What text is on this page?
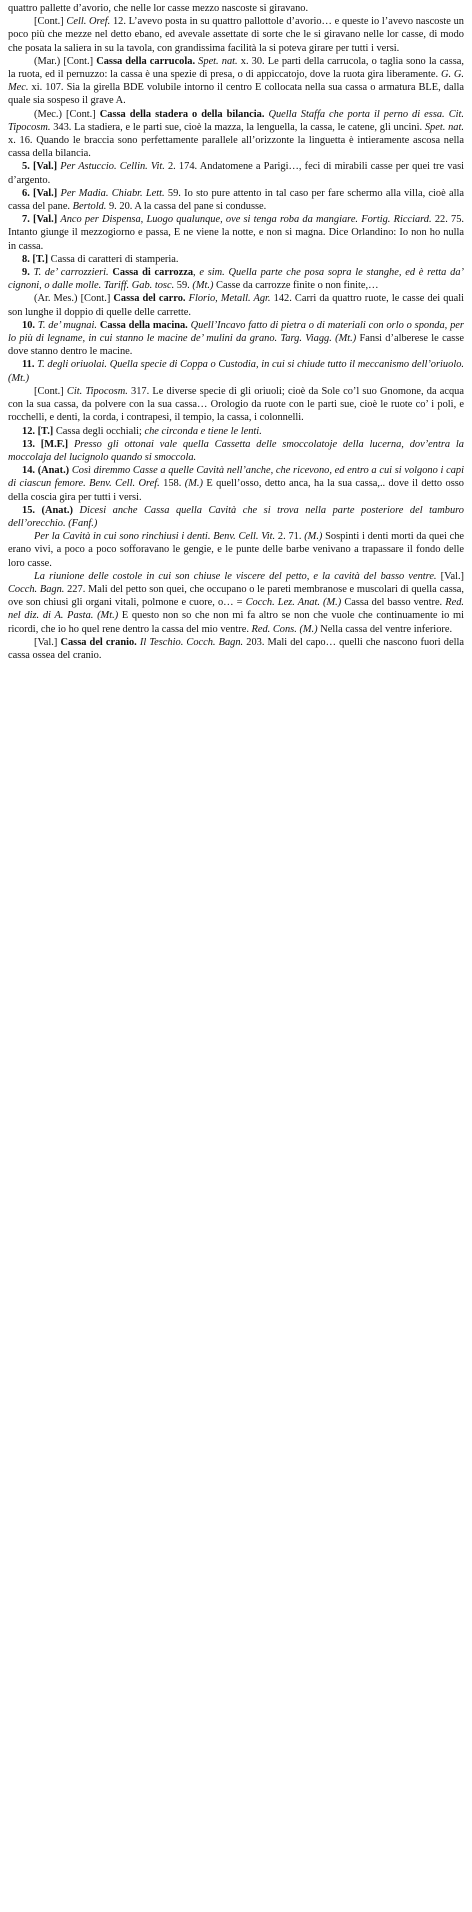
quattro pallette d’avorio, che nelle lor casse mezzo nascoste si giravano.

[Cont.] Cell. Oref. 12. L’avevo posta in su quattro pallottole d’avorio… e queste io l’avevo nascoste un poco più che mezze nel detto ebano, ed avevale assettate di sorte che le si giravano nelle lor casse, di modo che posata la saliera in su la tavola, con grandissima facilità la si poteva girare per tutti i versi.

(Mar.) [Cont.] Cassa della carrucola. Spet. nat. x. 30. Le parti della carrucola, o taglia sono la cassa, la ruota, ed il pernuzzo: la cassa è una spezie di presa, o di appiccatojo, dove la ruota gira liberamente. G. G. Mec. xi. 107. Sia la girella BDE volubile intorno il centro E collocata nella sua cassa o armatura BLE, dalla quale sia sospeso il grave A.

(Mec.) [Cont.] Cassa della stadera o della bilancia. Quella Staffa che porta il perno di essa. Cit. Tipocosm. 343. La stadiera, e le parti sue, cioè la mazza, la lenguella, la cassa, le catene, gli uncini. Spet. nat. x. 16. Quando le braccia sono perfettamente parallele all’orizzonte la linguetta è intieramente ascosa nella cassa della bilancia.

5. [Val.] Per Astuccio. Cellin. Vit. 2. 174. Andatomene a Parigi…, feci di mirabili casse per quei tre vasi d’argento.

6. [Val.] Per Madia. Chiabr. Lett. 59. Io sto pure attento in tal caso per fare schermo alla villa, cioè alla cassa del pane. Bertold. 9. 20. A la cassa del pane si condusse.

7. [Val.] Anco per Dispensa, Luogo qualunque, ove si tenga roba da mangiare. Fortig. Ricciard. 22. 75. Intanto giunge il mezzogiorno e passa, E ne viene la notte, e non si magna. Dice Orlandino: Io non ho nulla in cassa.

8. [T.] Cassa di caratteri di stamperia.

9. T. de’ carrozzieri. Cassa di carrozza, e sim. Quella parte che posa sopra le stanghe, ed è retta da’ cignoni, o dalle molle. Tariff. Gab. tosc. 59. (Mt.) Casse da carrozze finite o non finite,…

(Ar. Mes.) [Cont.] Cassa del carro. Florio, Metall. Agr. 142. Carri da quattro ruote, le casse dei quali son lunghe il doppio di quelle delle carrette.

10. T. de’ mugnai. Cassa della macina. Quell’Incavo fatto di pietra o di materiali con orlo o sponda, per lo più di legname, in cui stanno le macine de’ mulini da grano. Targ. Viagg. (Mt.) Fansi d’alberese le casse dove stanno dentro le macine.

11. T. degli oriuolai. Quella specie di Coppa o Custodia, in cui si chiude tutto il meccanismo dell’oriuolo. (Mt.)

[Cont.] Cit. Tipocosm. 317. Le diverse specie di gli oriuoli; cioè da Sole co’l suo Gnomone, da acqua con la sua cassa, da polvere con la sua cassa… Orologio da ruote con le parti sue, cioè le ruote co’ i poli, e rocchelli, e denti, la corda, i contrapesi, il tempio, la cassa, i colonnelli.

12. [T.] Cassa degli occhiali; che circonda e tiene le lenti.

13. [M.F.] Presso gli ottonai vale quella Cassetta delle smoccolatoje della lucerna, dov’entra la moccolaja del lucignolo quando si smoccola.

14. (Anat.) Così diremmo Casse a quelle Cavità nell’anche, che ricevono, ed entro a cui si volgono i capi di ciascun femore. Benv. Cell. Oref. 158. (M.) E quell’osso, detto anca, ha la sua cassa,.. dove il detto osso della coscia gira per tutti i versi.

15. (Anat.) Dicesi anche Cassa quella Cavità che si trova nella parte posteriore del tamburo dell’orecchio. (Fanf.)

Per la Cavità in cui sono rinchiusi i denti. Benv. Cell. Vit. 2. 71. (M.) Sospinti i denti morti da quei che erano vivi, a poco a poco sofforavano le gengie, e le punte delle barbe venivano a trapassare il fondo delle loro casse.

La riunione delle costole in cui son chiuse le viscere del petto, e la cavità del basso ventre. [Val.] Cocch. Bagn. 227. Mali del petto son quei, che occupano o le pareti membranose e muscolari di quella cassa, ove son chiusi gli organi vitali, polmone e cuore, o… = Cocch. Lez. Anat. (M.) Cassa del basso ventre. Red. nel diz. di A. Pasta. (Mt.) E questo non so che non mi fa altro se non che vuole che continuamente io mi ricordi, che io ho quel rene dentro la cassa del mio ventre. Red. Cons. (M.) Nella cassa del ventre inferiore.

[Val.] Cassa del cranio. Il Teschio. Cocch. Bagn. 203. Mali del capo… quelli che nascono fuori della cassa ossea del cranio.
